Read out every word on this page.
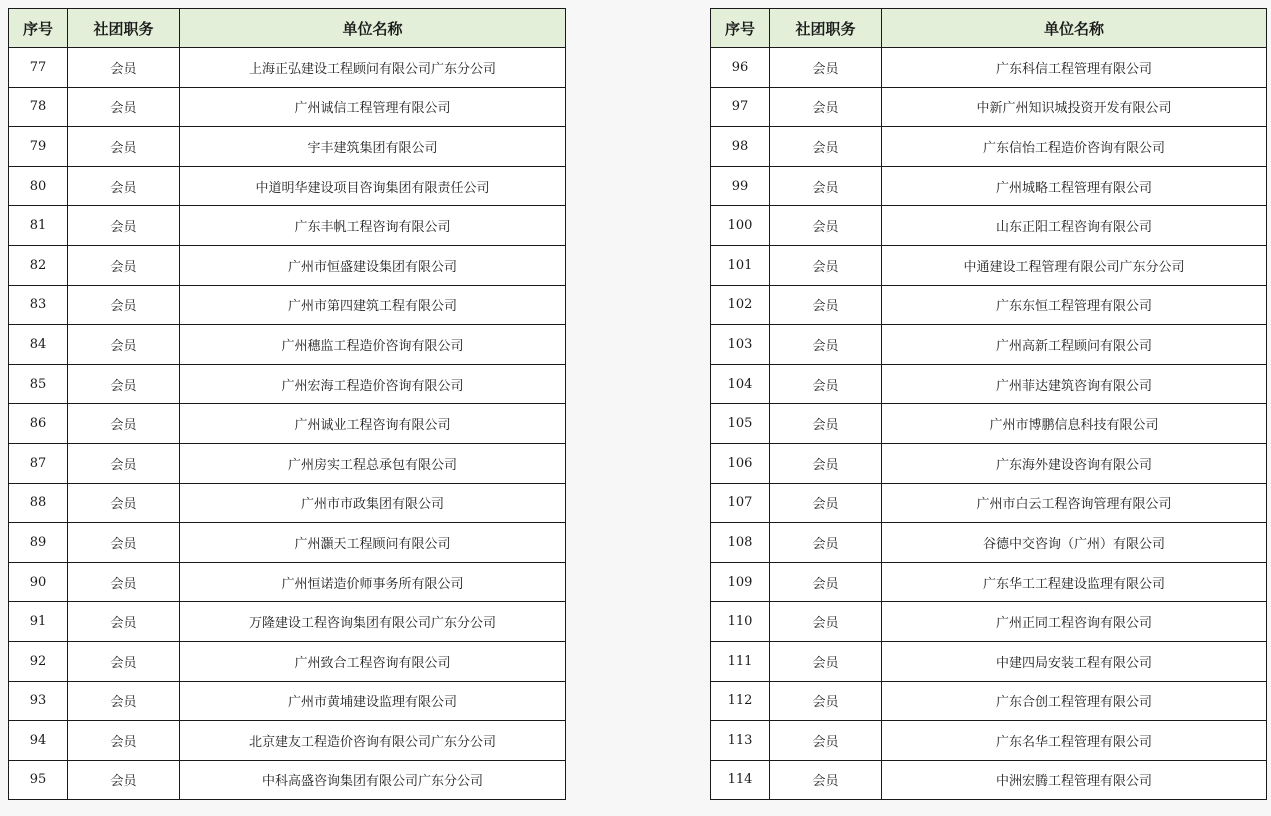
序号	社团职务	单位名称
77	会员	上海正弘建设工程顾问有限公司广东分公司
78	会员	广州诚信工程管理有限公司
79	会员	宇丰建筑集团有限公司
80	会员	中道明华建设项目咨询集团有限责任公司
81	会员	广东丰帆工程咨询有限公司
82	会员	广州市恒盛建设集团有限公司
83	会员	广州市第四建筑工程有限公司
84	会员	广州穗监工程造价咨询有限公司
85	会员	广州宏海工程造价咨询有限公司
86	会员	广州诚业工程咨询有限公司
87	会员	广州房实工程总承包有限公司
88	会员	广州市市政集团有限公司
89	会员	广州灝天工程顾问有限公司
90	会员	广州恒诺造价师事务所有限公司
91	会员	万隆建设工程咨询集团有限公司广东分公司
92	会员	广州致合工程咨询有限公司
93	会员	广州市黄埔建设监理有限公司
94	会员	北京建友工程造价咨询有限公司广东分公司
95	会员	中科高盛咨询集团有限公司广东分公司
序号	社团职务	单位名称
96	会员	广东科信工程管理有限公司
97	会员	中新广州知识城投资开发有限公司
98	会员	广东信怡工程造价咨询有限公司
99	会员	广州城略工程管理有限公司
100	会员	山东正阳工程咨询有限公司
101	会员	中通建设工程管理有限公司广东分公司
102	会员	广东东恒工程管理有限公司
103	会员	广州高新工程顾问有限公司
104	会员	广州菲达建筑咨询有限公司
105	会员	广州市博鹏信息科技有限公司
106	会员	广东海外建设咨询有限公司
107	会员	广州市白云工程咨询管理有限公司
108	会员	谷德中交咨询（广州）有限公司
109	会员	广东华工工程建设监理有限公司
110	会员	广州正同工程咨询有限公司
111	会员	中建四局安装工程有限公司
112	会员	广东合创工程管理有限公司
113	会员	广东名华工程管理有限公司
114	会员	中洲宏腾工程管理有限公司
